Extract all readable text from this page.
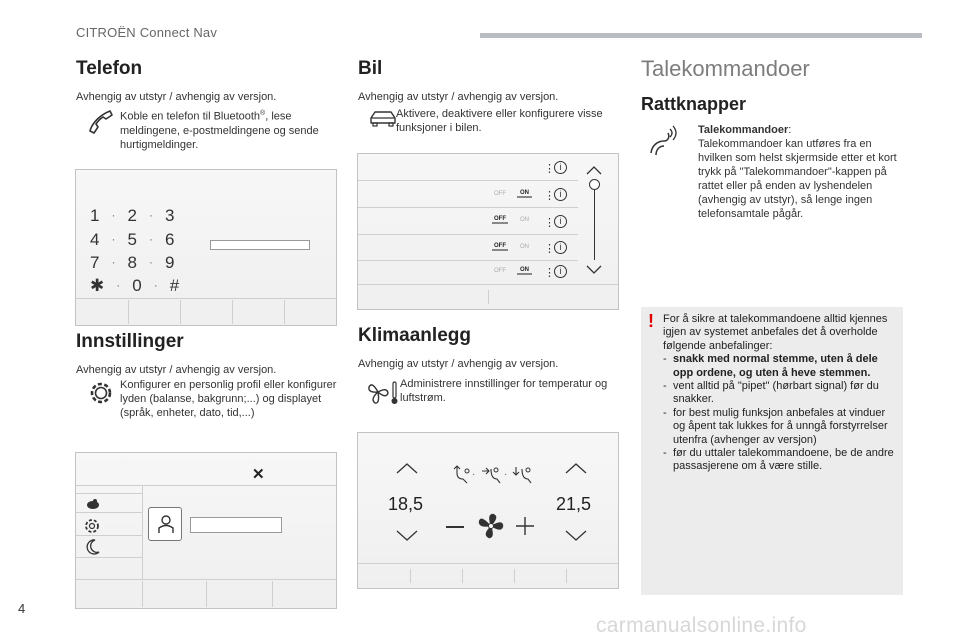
CITROËN Connect Nav
Telefon

Avhengig av utstyr / avhengig av versjon.

Koble en telefon til Bluetooth®, lese meldingene, e-postmeldingene og sende hurtigmeldinger.
1 · 2 · 3
4 · 5 · 6
7 · 8 · 9
✱ · 0 · #
Innstillinger

Avhengig av utstyr / avhengig av versjon.

Konfigurer en personlig profil eller konfigurer lyden (balanse, bakgrunn;...) og displayet (språk, enheter, dato, tid,...)
✕
Bil

Avhengig av utstyr / avhengig av versjon.

Aktivere, deaktivere eller konfigurere visse funksjoner i bilen.
⋮ i
OFF	ON ⋮ i
OFF	ON ⋮ i
OFF	ON ⋮ i
OFF	ON ⋮ i
Klimaanlegg

Avhengig av utstyr / avhengig av versjon.

Administrere innstillinger for temperatur og luftstrøm.
18,5	21,5
·	·
Talekommandoer
Rattknapper
Talekommandoer:
Talekommandoer kan utføres fra en hvilken som helst skjermside etter et kort trykk på "Talekommandoer"-kappen på rattet eller på enden av lyshendelen (avhengig av utstyr), så lenge ingen telefonsamtale pågår.
! For å sikre at talekommandoene alltid kjennes igjen av systemet anbefales det å overholde følgende anbefalinger:

- snakk med normal stemme, uten å dele opp ordene, og uten å heve stemmen.
- vent alltid på "pipet" (hørbart signal) før du snakker.
- for best mulig funksjon anbefales at vinduer og åpent tak lukkes for å unngå forstyrrelser utenfra (avhenger av versjon)
- før du uttaler talekommandoene, be de andre passasjerene om å være stille.
4
carmanualsonline.info
